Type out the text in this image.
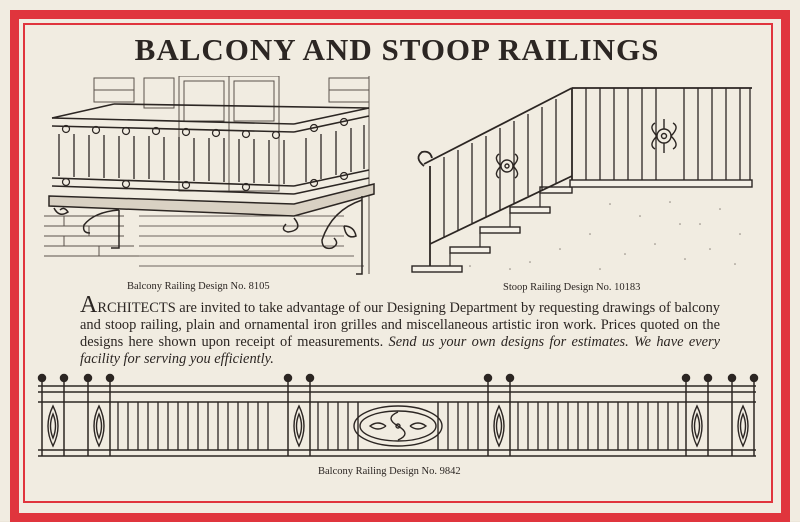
BALCONY AND STOOP RAILINGS
Balcony Railing Design No. 8105	Stoop Railing Design No. 10183
ARCHITECTS are invited to take advantage of our Designing Department by requesting drawings of balcony and stoop railing, plain and ornamental iron grilles and miscellaneous artistic iron work. Prices quoted on the designs here shown upon receipt of measurements. Send us your own designs for estimates. We have every facility for serving you efficiently.
Balcony Railing Design No. 9842
